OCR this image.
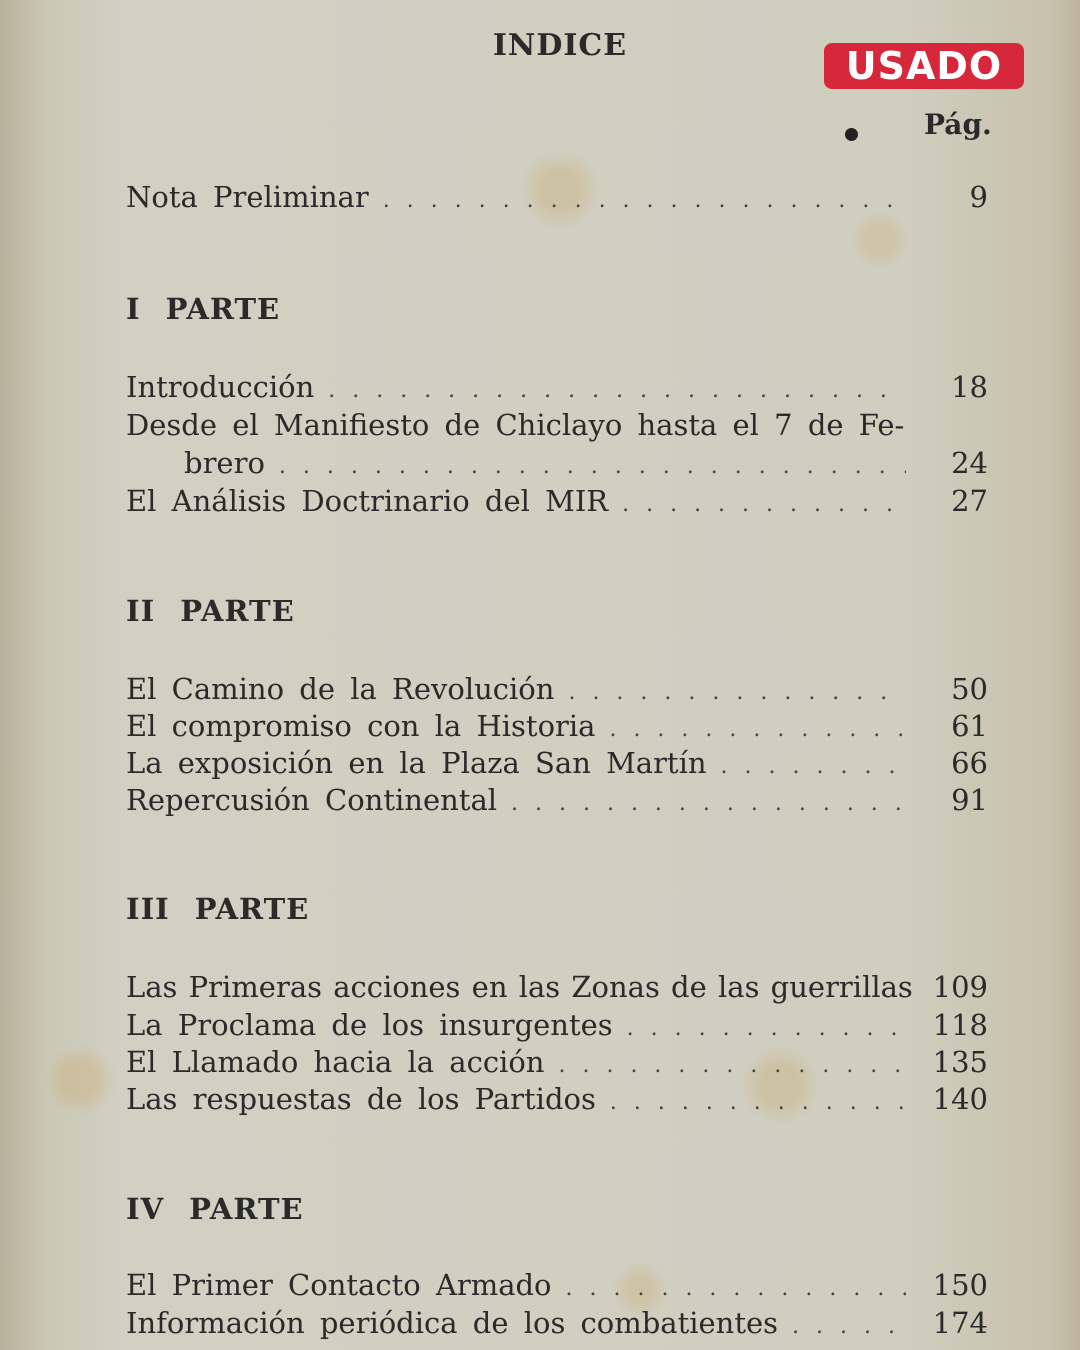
INDICE	USADO
Pág.
Nota Preliminar . . .	9
I PARTE
Introducción . . .	18
Desde el Manifiesto de Chiclayo hasta el 7 de Fe-
brero . . .	24
El Análisis Doctrinario del MIR . . .	27
II PARTE
El Camino de la Revolución . . .	50
El compromiso con la Historia . . .	61
La exposición en la Plaza San Martín . . .	66
Repercusión Continental . . .	91
III PARTE
Las Primeras acciones en las Zonas de las guerrillas 109
La Proclama de los insurgentes . . .	118
El Llamado hacia la acción . . .	135
Las respuestas de los Partidos . . .	140
IV PARTE
El Primer Contacto Armado . . .	150
Información periódica de los combatientes . . .	174
